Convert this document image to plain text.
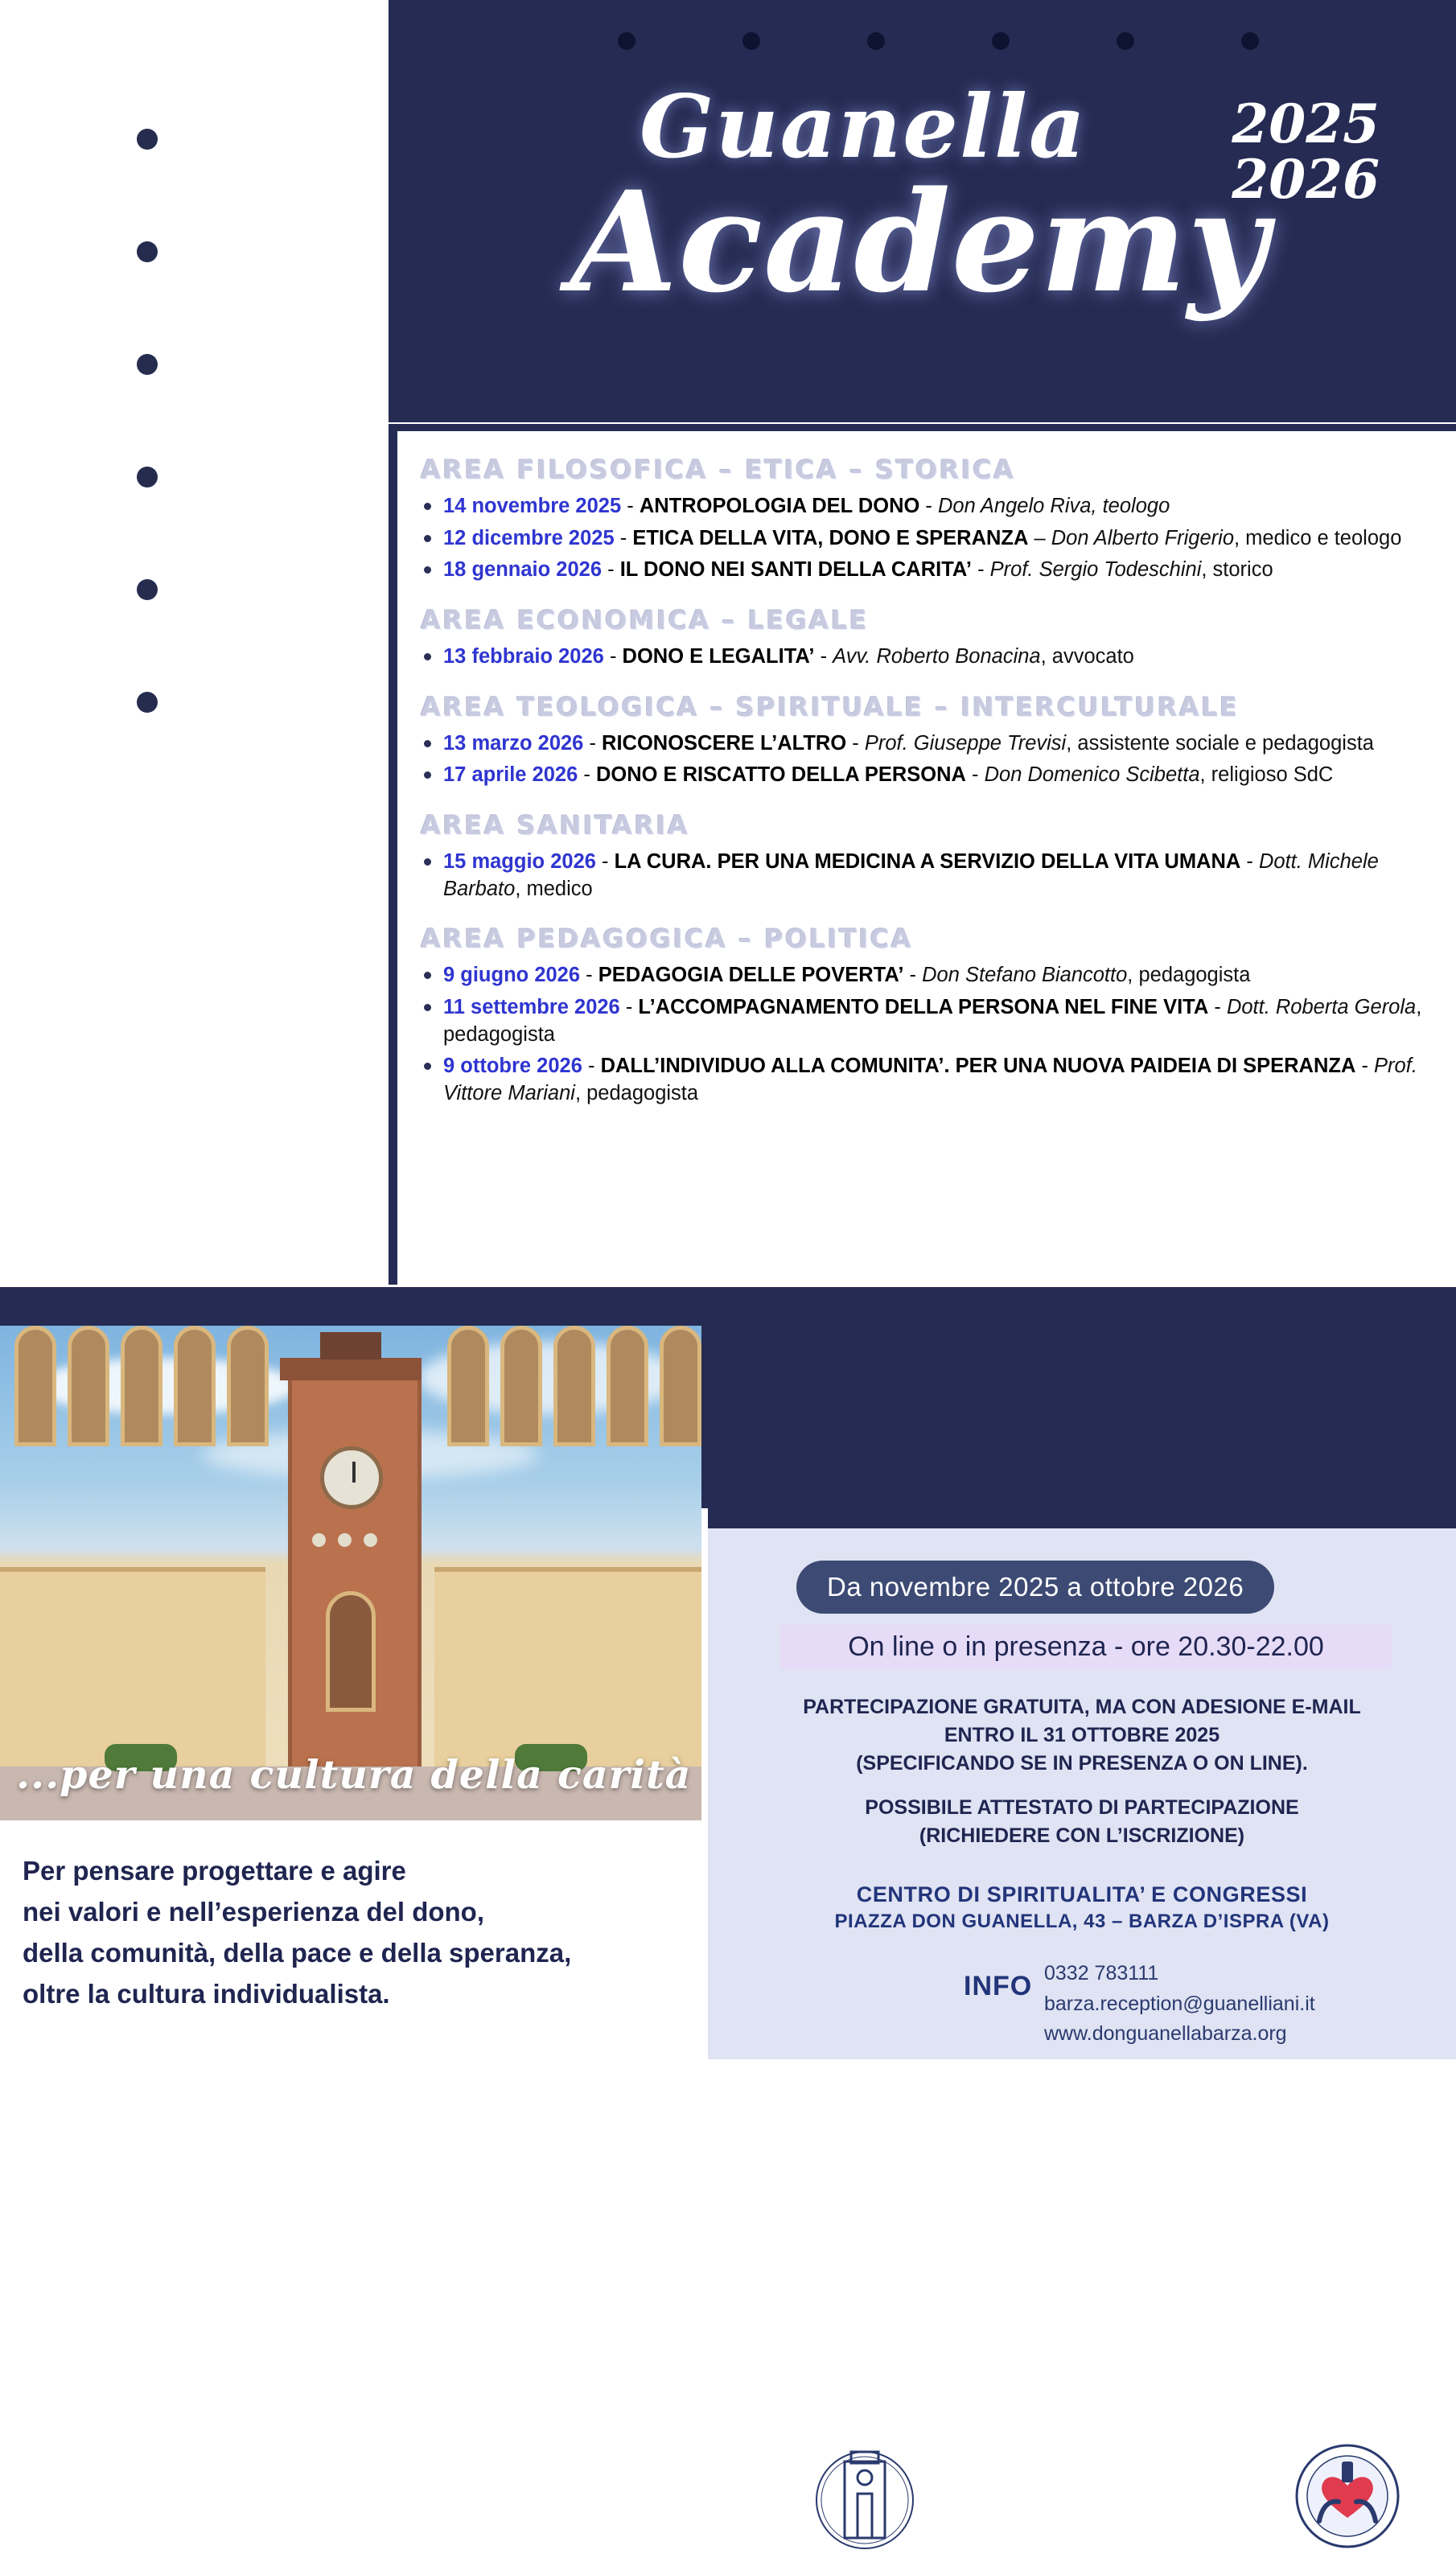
Guanella
Academy
2025
2026
AREA FILOSOFICA – ETICA – STORICA
14 novembre 2025 - ANTROPOLOGIA DEL DONO - Don Angelo Riva, teologo
12 dicembre 2025 - ETICA DELLA VITA, DONO E SPERANZA – Don Alberto Frigerio, medico e teologo
18 gennaio 2026 - IL DONO NEI SANTI DELLA CARITA’ - Prof. Sergio Todeschini, storico
AREA ECONOMICA – LEGALE
13 febbraio 2026 - DONO E LEGALITA’ - Avv. Roberto Bonacina, avvocato
AREA TEOLOGICA – SPIRITUALE – INTERCULTURALE
13 marzo 2026 - RICONOSCERE L’ALTRO - Prof. Giuseppe Trevisi, assistente sociale e pedagogista
17 aprile 2026 - DONO E RISCATTO DELLA PERSONA - Don Domenico Scibetta, religioso SdC
AREA SANITARIA
15 maggio 2026 - LA CURA. PER UNA MEDICINA A SERVIZIO DELLA VITA UMANA - Dott. Michele Barbato, medico
AREA PEDAGOGICA – POLITICA
9 giugno 2026 - PEDAGOGIA DELLE POVERTA’ - Don Stefano Biancotto, pedagogista
11 settembre 2026 - L’ACCOMPAGNAMENTO DELLA PERSONA NEL FINE VITA - Dott. Roberta Gerola, pedagogista
9 ottobre 2026 - DALL’INDIVIDUO ALLA COMUNITA’. PER UNA NUOVA PAIDEIA DI SPERANZA - Prof. Vittore Mariani, pedagogista
...per una cultura della carità
Per pensare progettare e agire
nei valori e nell’esperienza del dono,
della comunità, della pace e della speranza,
oltre la cultura individualista.
Da novembre 2025 a ottobre 2026
On line o in presenza - ore 20.30-22.00
PARTECIPAZIONE GRATUITA, MA CON ADESIONE E-MAIL
ENTRO IL 31 OTTOBRE 2025
(SPECIFICANDO SE IN PRESENZA O ON LINE).
POSSIBILE ATTESTATO DI PARTECIPAZIONE
(RICHIEDERE CON L’ISCRIZIONE)
CENTRO DI SPIRITUALITA’ E CONGRESSI
PIAZZA DON GUANELLA, 43 – BARZA D’ISPRA (VA)
INFO 0332 783111
barza.reception@guanelliani.it
www.donguanellabarza.org
